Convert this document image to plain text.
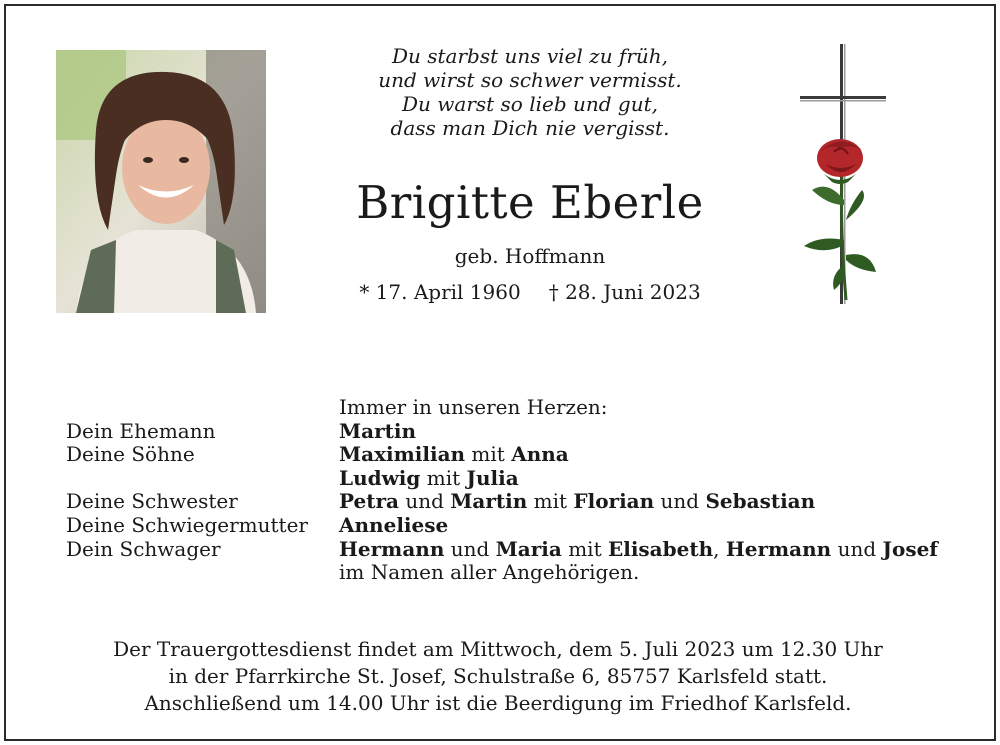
Du starbst uns viel zu früh,
und wirst so schwer vermisst.
Du warst so lieb und gut,
dass man Dich nie vergisst.
Brigitte Eberle
geb. Hoffmann
* 17. April 1960 † 28. Juni 2023
Dein Ehemann
Deine Söhne
Deine Schwester
Deine Schwiegermutter
Dein Schwager
Immer in unseren Herzen:
Martin
Maximilian mit Anna
Ludwig mit Julia
Petra und Martin mit Florian und Sebastian
Anneliese
Hermann und Maria mit Elisabeth, Hermann und Josef
im Namen aller Angehörigen.
Der Trauergottesdienst findet am Mittwoch, dem 5. Juli 2023 um 12.30 Uhr
in der Pfarrkirche St. Josef, Schulstraße 6, 85757 Karlsfeld statt.
Anschließend um 14.00 Uhr ist die Beerdigung im Friedhof Karlsfeld.
